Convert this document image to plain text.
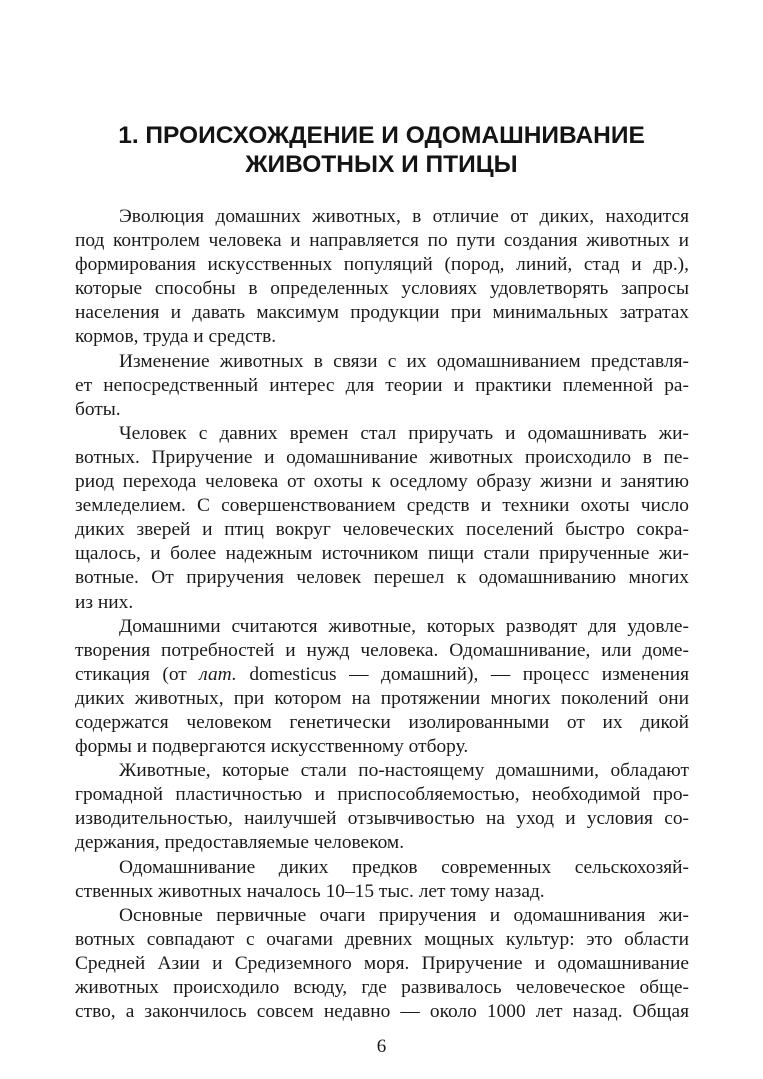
1. ПРОИСХОЖДЕНИЕ И ОДОМАШНИВАНИЕ
ЖИВОТНЫХ И ПТИЦЫ
Эволюция домашних животных, в отличие от диких, находится
под контролем человека и направляется по пути создания животных и
формирования искусственных популяций (пород, линий, стад и др.),
которые способны в определенных условиях удовлетворять запросы
населения и давать максимум продукции при минимальных затратах
кормов, труда и средств.
Изменение животных в связи с их одомашниванием представля-
ет непосредственный интерес для теории и практики племенной ра-
боты.
Человек с давних времен стал приручать и одомашнивать жи-
вотных. Приручение и одомашнивание животных происходило в пе-
риод перехода человека от охоты к оседлому образу жизни и занятию
земледелием. С совершенствованием средств и техники охоты число
диких зверей и птиц вокруг человеческих поселений быстро сокра-
щалось, и более надежным источником пищи стали прирученные жи-
вотные. От приручения человек перешел к одомашниванию многих
из них.
Домашними считаются животные, которых разводят для удовле-
творения потребностей и нужд человека. Одомашнивание, или доме-
стикация (от лат. domesticus — домашний), — процесс изменения
диких животных, при котором на протяжении многих поколений они
содержатся человеком генетически изолированными от их дикой
формы и подвергаются искусственному отбору.
Животные, которые стали по-настоящему домашними, обладают
громадной пластичностью и приспособляемостью, необходимой про-
изводительностью, наилучшей отзывчивостью на уход и условия со-
держания, предоставляемые человеком.
Одомашнивание диких предков современных сельскохозяй-
ственных животных началось 10–15 тыс. лет тому назад.
Основные первичные очаги приручения и одомашнивания жи-
вотных совпадают с очагами древних мощных культур: это области
Средней Азии и Средиземного моря. Приручение и одомашнивание
животных происходило всюду, где развивалось человеческое обще-
ство, а закончилось совсем недавно — около 1000 лет назад. Общая
6
